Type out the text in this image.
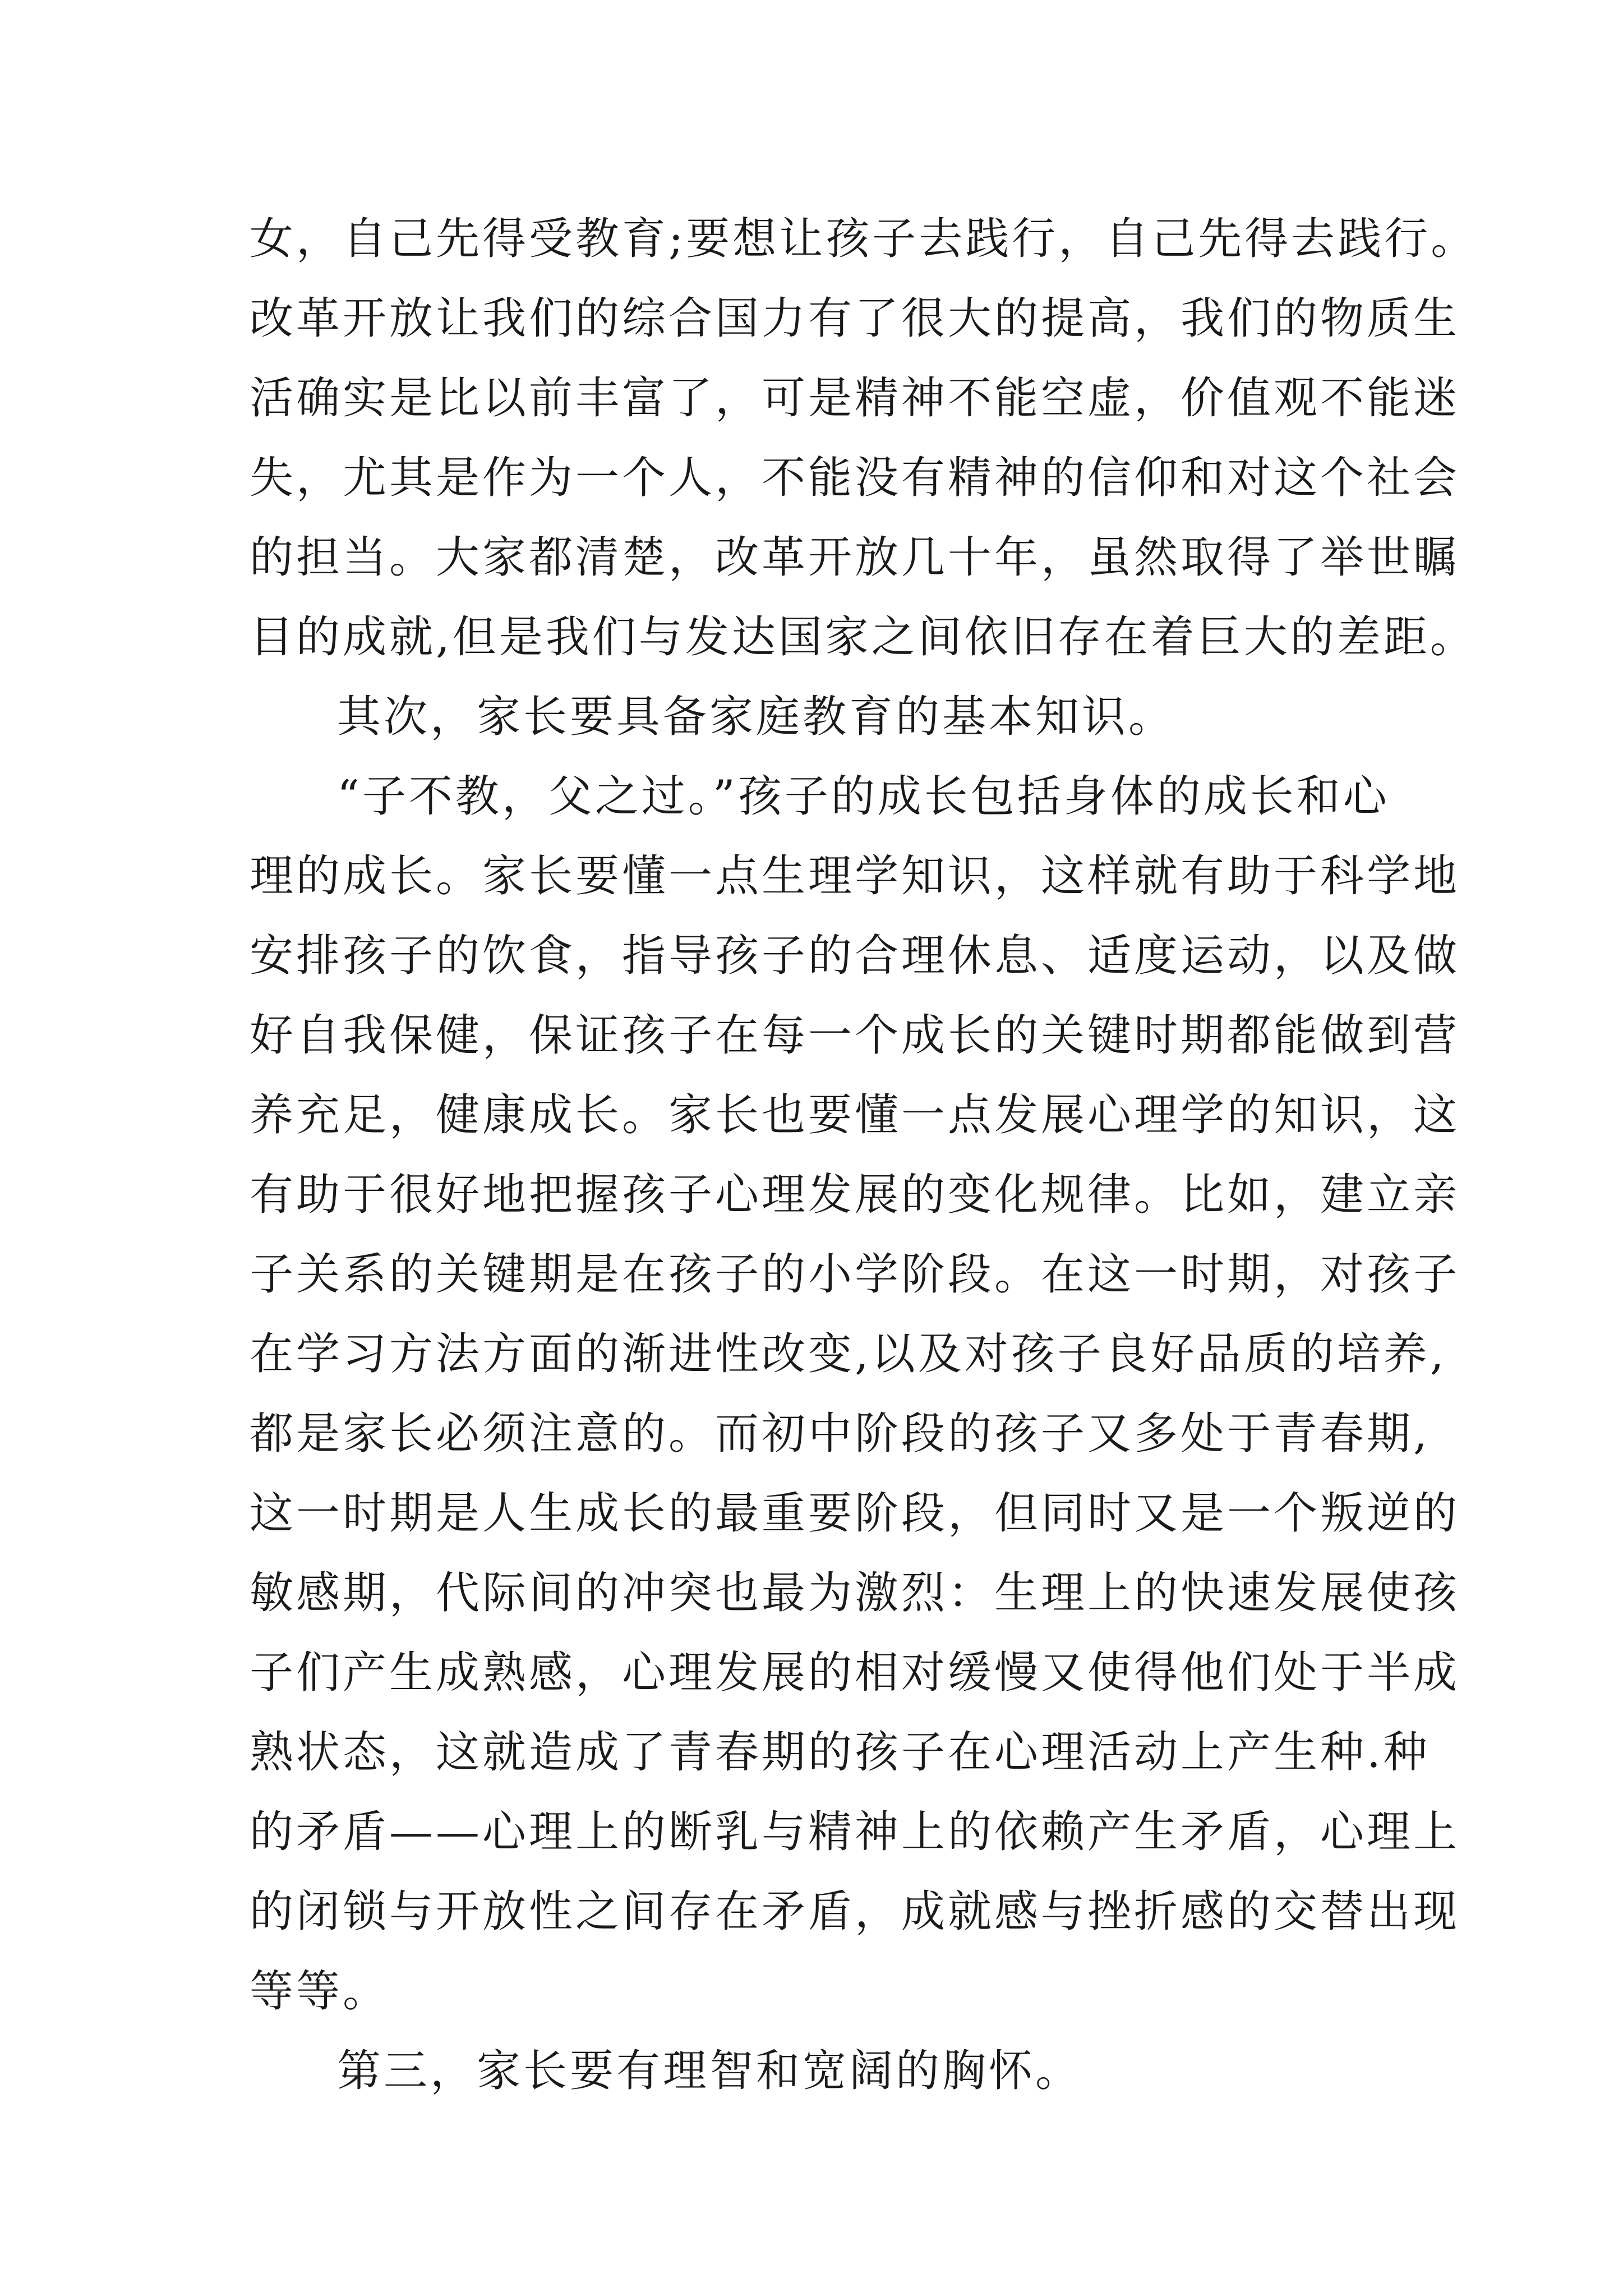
女，自己先得受教育;要想让孩子去践行，自己先得去践行。
改革开放让我们的综合国力有了很大的提高，我们的物质生
活确实是比以前丰富了，可是精神不能空虚，价值观不能迷
失，尤其是作为一个人，不能没有精神的信仰和对这个社会
的担当。大家都清楚，改革开放几十年，虽然取得了举世瞩
目的成就,但是我们与发达国家之间依旧存在着巨大的差距。
其次，家长要具备家庭教育的基本知识。
“子不教，父之过。”孩子的成长包括身体的成长和心
理的成长。家长要懂一点生理学知识，这样就有助于科学地
安排孩子的饮食，指导孩子的合理休息、适度运动，以及做
好自我保健，保证孩子在每一个成长的关键时期都能做到营
养充足，健康成长。家长也要懂一点发展心理学的知识，这
有助于很好地把握孩子心理发展的变化规律。比如，建立亲
子关系的关键期是在孩子的小学阶段。在这一时期，对孩子
在学习方法方面的渐进性改变,以及对孩子良好品质的培养,
都是家长必须注意的。而初中阶段的孩子又多处于青春期,
这一时期是人生成长的最重要阶段，但同时又是一个叛逆的
敏感期，代际间的冲突也最为激烈：生理上的快速发展使孩
子们产生成熟感，心理发展的相对缓慢又使得他们处于半成
熟状态，这就造成了青春期的孩子在心理活动上产生种.种
的矛盾——心理上的断乳与精神上的依赖产生矛盾，心理上
的闭锁与开放性之间存在矛盾，成就感与挫折感的交替出现
等等。
第三，家长要有理智和宽阔的胸怀。
